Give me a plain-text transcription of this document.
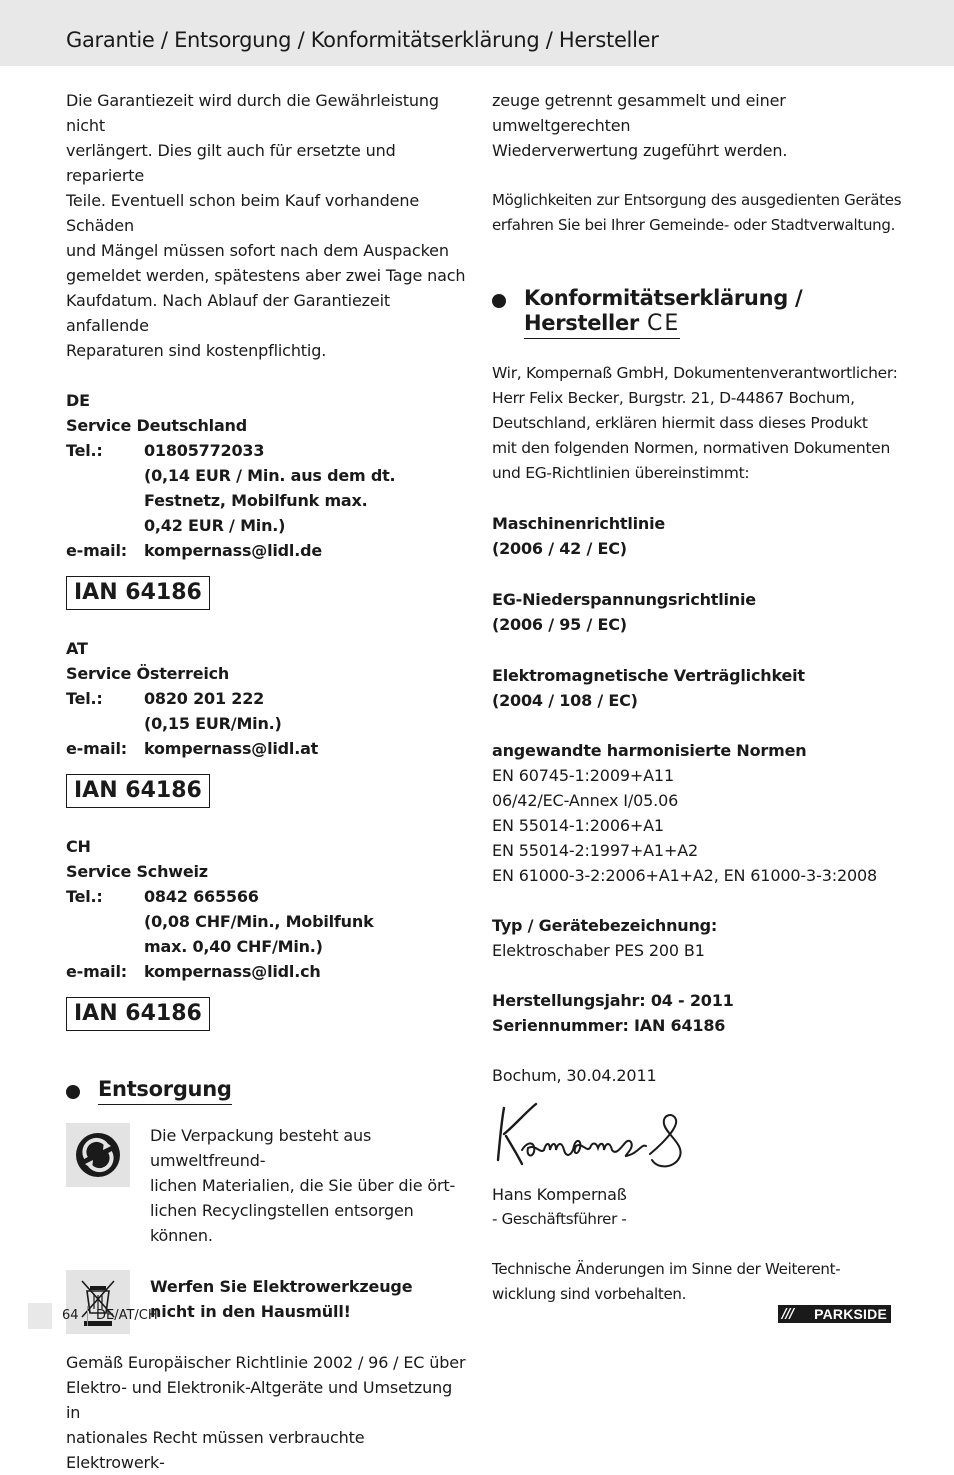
Garantie / Entsorgung / Konformitätserklärung / Hersteller
Die Garantiezeit wird durch die Gewährleistung nicht
verlängert. Dies gilt auch für ersetzte und reparierte
Teile. Eventuell schon beim Kauf vorhandene Schäden
und Mängel müssen sofort nach dem Auspacken
gemeldet werden, spätestens aber zwei Tage nach
Kaufdatum. Nach Ablauf der Garantiezeit anfallende
Reparaturen sind kostenpflichtig.
DE
Service Deutschland
Tel.:	01805772033
(0,14 EUR / Min. aus dem dt.
Festnetz, Mobilfunk max.
0,42 EUR / Min.)
e-mail:	kompernass@lidl.de
IAN 64186
AT
Service Österreich
Tel.:	0820 201 222
(0,15 EUR/Min.)
e-mail:	kompernass@lidl.at
IAN 64186
CH
Service Schweiz
Tel.:	0842 665566
(0,08 CHF/Min., Mobilfunk
max. 0,40 CHF/Min.)
e-mail:	kompernass@lidl.ch
IAN 64186
Entsorgung
Die Verpackung besteht aus umweltfreund-
lichen Materialien, die Sie über die ört-
lichen Recyclingstellen entsorgen können.
Werfen Sie Elektrowerkzeuge
nicht in den Hausmüll!
Gemäß Europäischer Richtlinie 2002 / 96 / EC über
Elektro- und Elektronik-Altgeräte und Umsetzung in
nationales Recht müssen verbrauchte Elektrowerk-
zeuge getrennt gesammelt und einer umweltgerechten
Wiederverwertung zugeführt werden.
Möglichkeiten zur Entsorgung des ausgedienten Gerätes
erfahren Sie bei Ihrer Gemeinde- oder Stadtverwaltung.
Konformitätserklärung /
Hersteller CE
Wir, Kompernaß GmbH, Dokumentenverantwortlicher:
Herr Felix Becker, Burgstr. 21, D-44867 Bochum,
Deutschland, erklären hiermit dass dieses Produkt
mit den folgenden Normen, normativen Dokumenten
und EG-Richtlinien übereinstimmt:
Maschinenrichtlinie
(2006 / 42 / EC)
EG-Niederspannungsrichtlinie
(2006 / 95 / EC)
Elektromagnetische Verträglichkeit
(2004 / 108 / EC)
angewandte harmonisierte Normen
EN 60745-1:2009+A11
06/42/EC-Annex I/05.06
EN 55014-1:2006+A1
EN 55014-2:1997+A1+A2
EN 61000-3-2:2006+A1+A2, EN 61000-3-3:2008
Typ / Gerätebezeichnung:
Elektroschaber PES 200 B1
Herstellungsjahr: 04 - 2011
Seriennummer: IAN 64186
Bochum, 30.04.2011
Hans Kompernaß
- Geschäftsführer -
Technische Änderungen im Sinne der Weiterent-
wicklung sind vorbehalten.
64 DE/AT/CH	/// PARKSIDE
